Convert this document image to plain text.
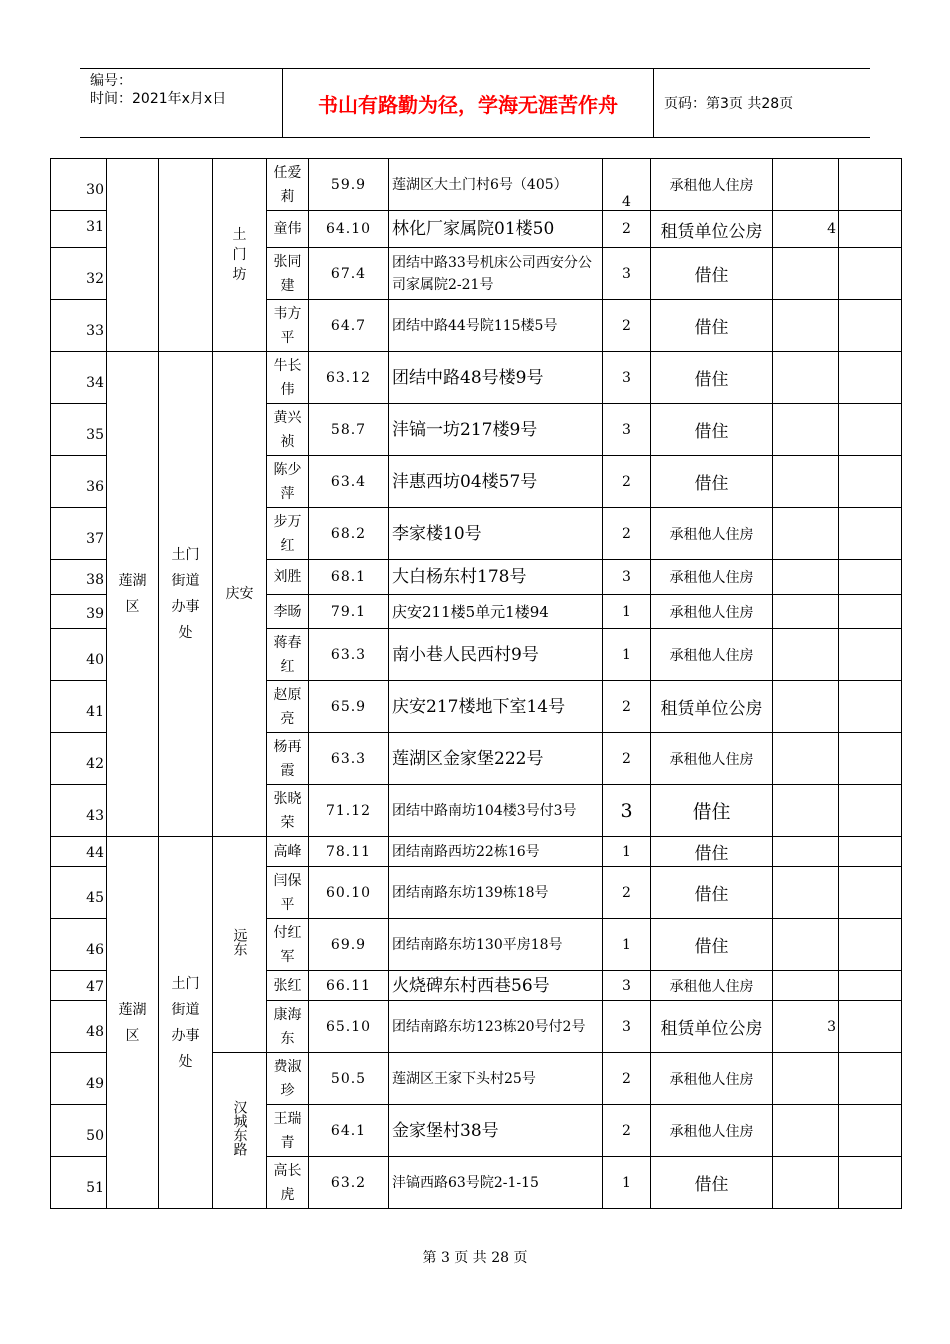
编号：
时间：2021年x月x日	书山有路勤为径，学海无涯苦作舟	页码：第3页 共28页
30			土门坊	任爱莉	59.9	莲湖区大土门村6号（405）	4	承租他人住房		

31				童伟	64.10	林化厂家属院01楼50	2	租赁单位公房	4	

32				张同建	67.4	团结中路33号机床公司西安分公司家属院2-21号	3	借住		

33				韦方平	64.7	团结中路44号院115楼5号	2	借住		

34	莲湖区	土门街道办事处	庆安	牛长伟	63.12	团结中路48号楼9号	3	借住		

35				黄兴祯	58.7	沣镐一坊217楼9号	3	借住		

36				陈少萍	63.4	沣惠西坊04楼57号	2	借住		

37				步万红	68.2	李家楼10号	2	承租他人住房		

38				刘胜	68.1	大白杨东村178号	3	承租他人住房		

39				李旸	79.1	庆安211楼5单元1楼94	1	承租他人住房		

40				蒋春红	63.3	南小巷人民西村9号	1	承租他人住房		

41				赵原亮	65.9	庆安217楼地下室14号	2	租赁单位公房		

42				杨再霞	63.3	莲湖区金家堡222号	2	承租他人住房		

43				张晓荣	71.12	团结中路南坊104楼3号付3号	3	借住		

44	莲湖区	土门街道办事处	远东	高峰	78.11	团结南路西坊22栋16号	1	借住		

45				闫保平	60.10	团结南路东坊139栋18号	2	借住		

46				付红军	69.9	团结南路东坊130平房18号	1	借住		

47				张红	66.11	火烧碑东村西巷56号	3	承租他人住房		

48				康海东	65.10	团结南路东坊123栋20号付2号	3	租赁单位公房	3	

49			汉城东路	费淑珍	50.5	莲湖区王家下头村25号	2	承租他人住房		

50				王瑞青	64.1	金家堡村38号	2	承租他人住房		

51				高长虎	63.2	沣镐西路63号院2-1-15	1	借住		
第 3 页 共 28 页
